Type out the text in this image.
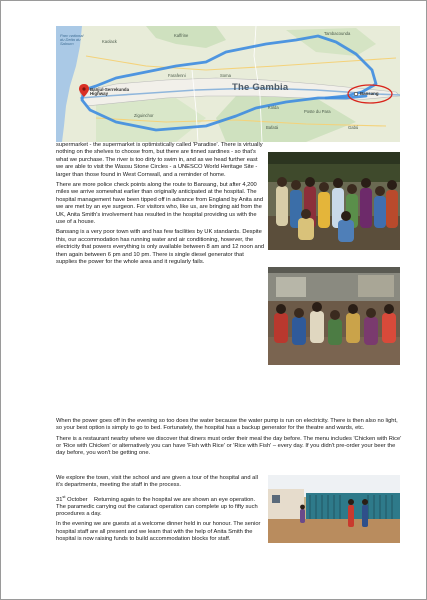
Parc national
du Delta du
Saloum	Kaolack
Kaffrine	Tambacounda
Farafenni	Soma
The Gambia
Banjul-Serrekunda
Highway	Bansang
Ziguinchor
Kolda
Poste du Para
Bafatá	Gabú

supermarket - the supermarket is optimistically called 'Paradise'. There is virtually nothing on the shelves to choose from, but there are tinned sardines - so that's what we purchase. The river is too dirty to swim in, and as we head further east we are able to visit the Wassu Stone Circles - a UNESCO World Heritage Site - larger than those found in West Cornwall, and a reminder of home.

There are more police check points along the route to Bansang, but after 4,200 miles we arrive somewhat earlier than originally anticipated at the hospital. The hospital management have been tipped off in advance from England by Anita and we are met by an eye surgeon. For visitors who, like us, are bringing aid from the UK, Anita Smith's involvement has resulted in the hospital providing us with the use of a house.

Bansang is a very poor town with and has few facilities by UK standards. Despite this, our accommodation has running water and air conditioning, however, the electricity that powers everything is only available between 8 am and 12 noon and then again between 6 pm and 10 pm. There is single diesel generator that supplies the power for the whole area and it regularly fails.

When the power goes off in the evening so too does the water because the water pump is run on electricity. There is then also no light, so your best option is simply to go to bed. Fortunately, the hospital has a backup generator for the theatre and wards, etc.

There is a restaurant nearby where we discover that diners must order their meal the day before. The menu includes 'Chicken with Rice' or 'Rice with Chicken' or alternatively you can have 'Fish with Rice' or 'Rice with Fish' – every day. If you didn't pre-order your beer the day before, you won't be getting one.

We explore the town, visit the school and are given a tour of the hospital and all it's departments, meeting the staff in the process.

31st October Returning again to the hospital we are shown an eye operation. The paramedic carrying out the cataract operation can complete up to fifty such procedures a day.

In the evening we are guests at a welcome dinner held in our honour. The senior hospital staff are all present and we learn that with the help of Anita Smith the hospital is now raising funds to build accommodation blocks for staff.
